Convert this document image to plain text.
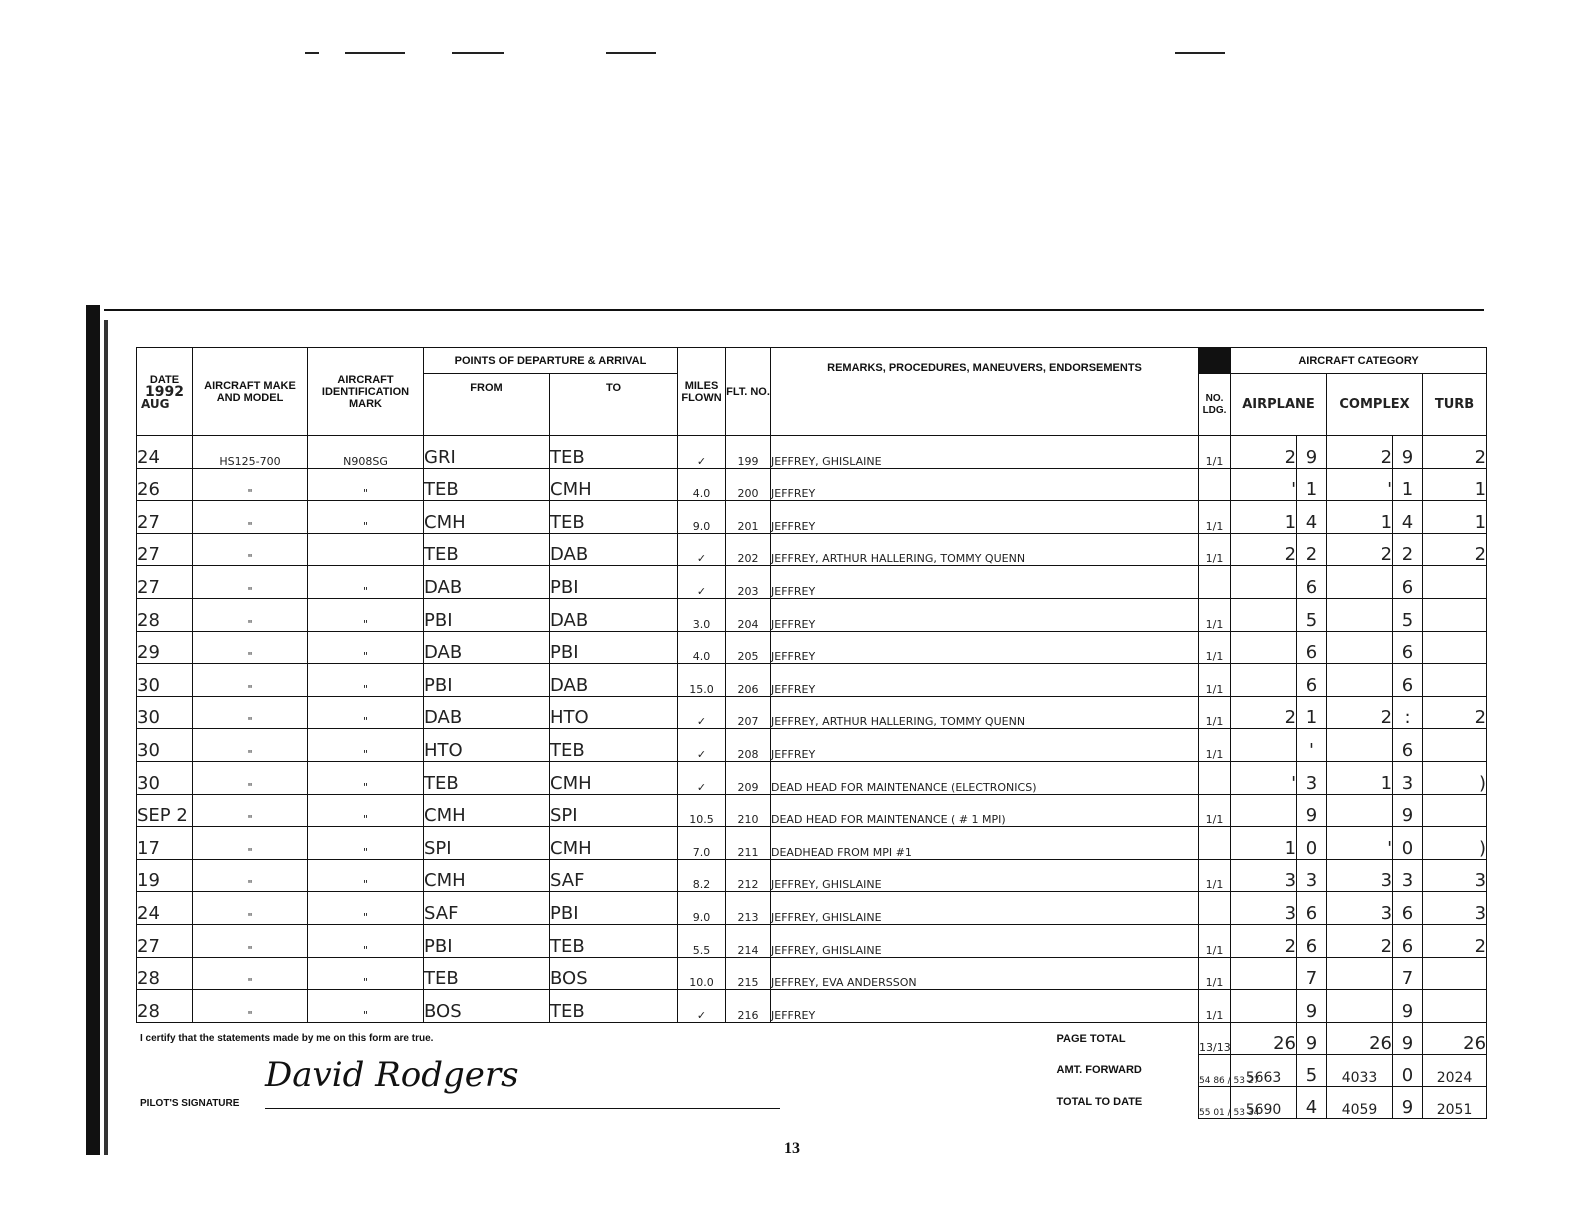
DATE
1992
AUG	AIRCRAFT MAKE AND MODEL	AIRCRAFT IDENTIFICATION MARK	POINTS OF DEPARTURE & ARRIVAL		MILES FLOWN	FLT. NO.	REMARKS, PROCEDURES, MANEUVERS, ENDORSEMENTS		AIRCRAFT CATEGORY				
			FROM	TO				NO. LDG.	AIRPLANE		COMPLEX		TURB
24	HS125-700	N908SG	GRI	TEB	✓	199	JEFFREY, GHISLAINE	1/1	2	9	2	9	2
26	"	"	TEB	CMH	4.0	200	JEFFREY		'	1	'	1	1
27	"	"	CMH	TEB	9.0	201	JEFFREY	1/1	1	4	1	4	1
27	"		TEB	DAB	✓	202	JEFFREY, ARTHUR HALLERING, TOMMY QUENN	1/1	2	2	2	2	2
27	"	"	DAB	PBI	✓	203	JEFFREY			6		6	
28	"	"	PBI	DAB	3.0	204	JEFFREY	1/1		5		5	
29	"	"	DAB	PBI	4.0	205	JEFFREY	1/1		6		6	
30	"	"	PBI	DAB	15.0	206	JEFFREY	1/1		6		6	
30	"	"	DAB	HTO	✓	207	JEFFREY, ARTHUR HALLERING, TOMMY QUENN	1/1	2	1	2	:	2
30	"	"	HTO	TEB	✓	208	JEFFREY	1/1		'		6	
30	"	"	TEB	CMH	✓	209	DEAD HEAD FOR MAINTENANCE (ELECTRONICS)		'	3	1	3	)
SEP 2	"	"	CMH	SPI	10.5	210	DEAD HEAD FOR MAINTENANCE ( # 1 MPI)	1/1		9		9	
17	"	"	SPI	CMH	7.0	211	DEADHEAD FROM MPI #1		1	0	'	0	)
19	"	"	CMH	SAF	8.2	212	JEFFREY, GHISLAINE	1/1	3	3	3	3	3
24	"	"	SAF	PBI	9.0	213	JEFFREY, GHISLAINE		3	6	3	6	3
27	"	"	PBI	TEB	5.5	214	JEFFREY, GHISLAINE	1/1	2	6	2	6	2
28	"	"	TEB	BOS	10.0	215	JEFFREY, EVA ANDERSSON	1/1		7		7	
28	"	"	BOS	TEB	✓	216	JEFFREY	1/1		9		9	

PAGE TOTAL								13/13	26	9	26	9	26

AMT. FORWARD								54 86 / 53 27	5663	5	4033	0	2024

TOTAL TO DATE								55 01 / 53 34	5690	4	4059	9	2051
I certify that the statements made by me on this form are true.
PILOT'S SIGNATURE
David Rodgers
13
